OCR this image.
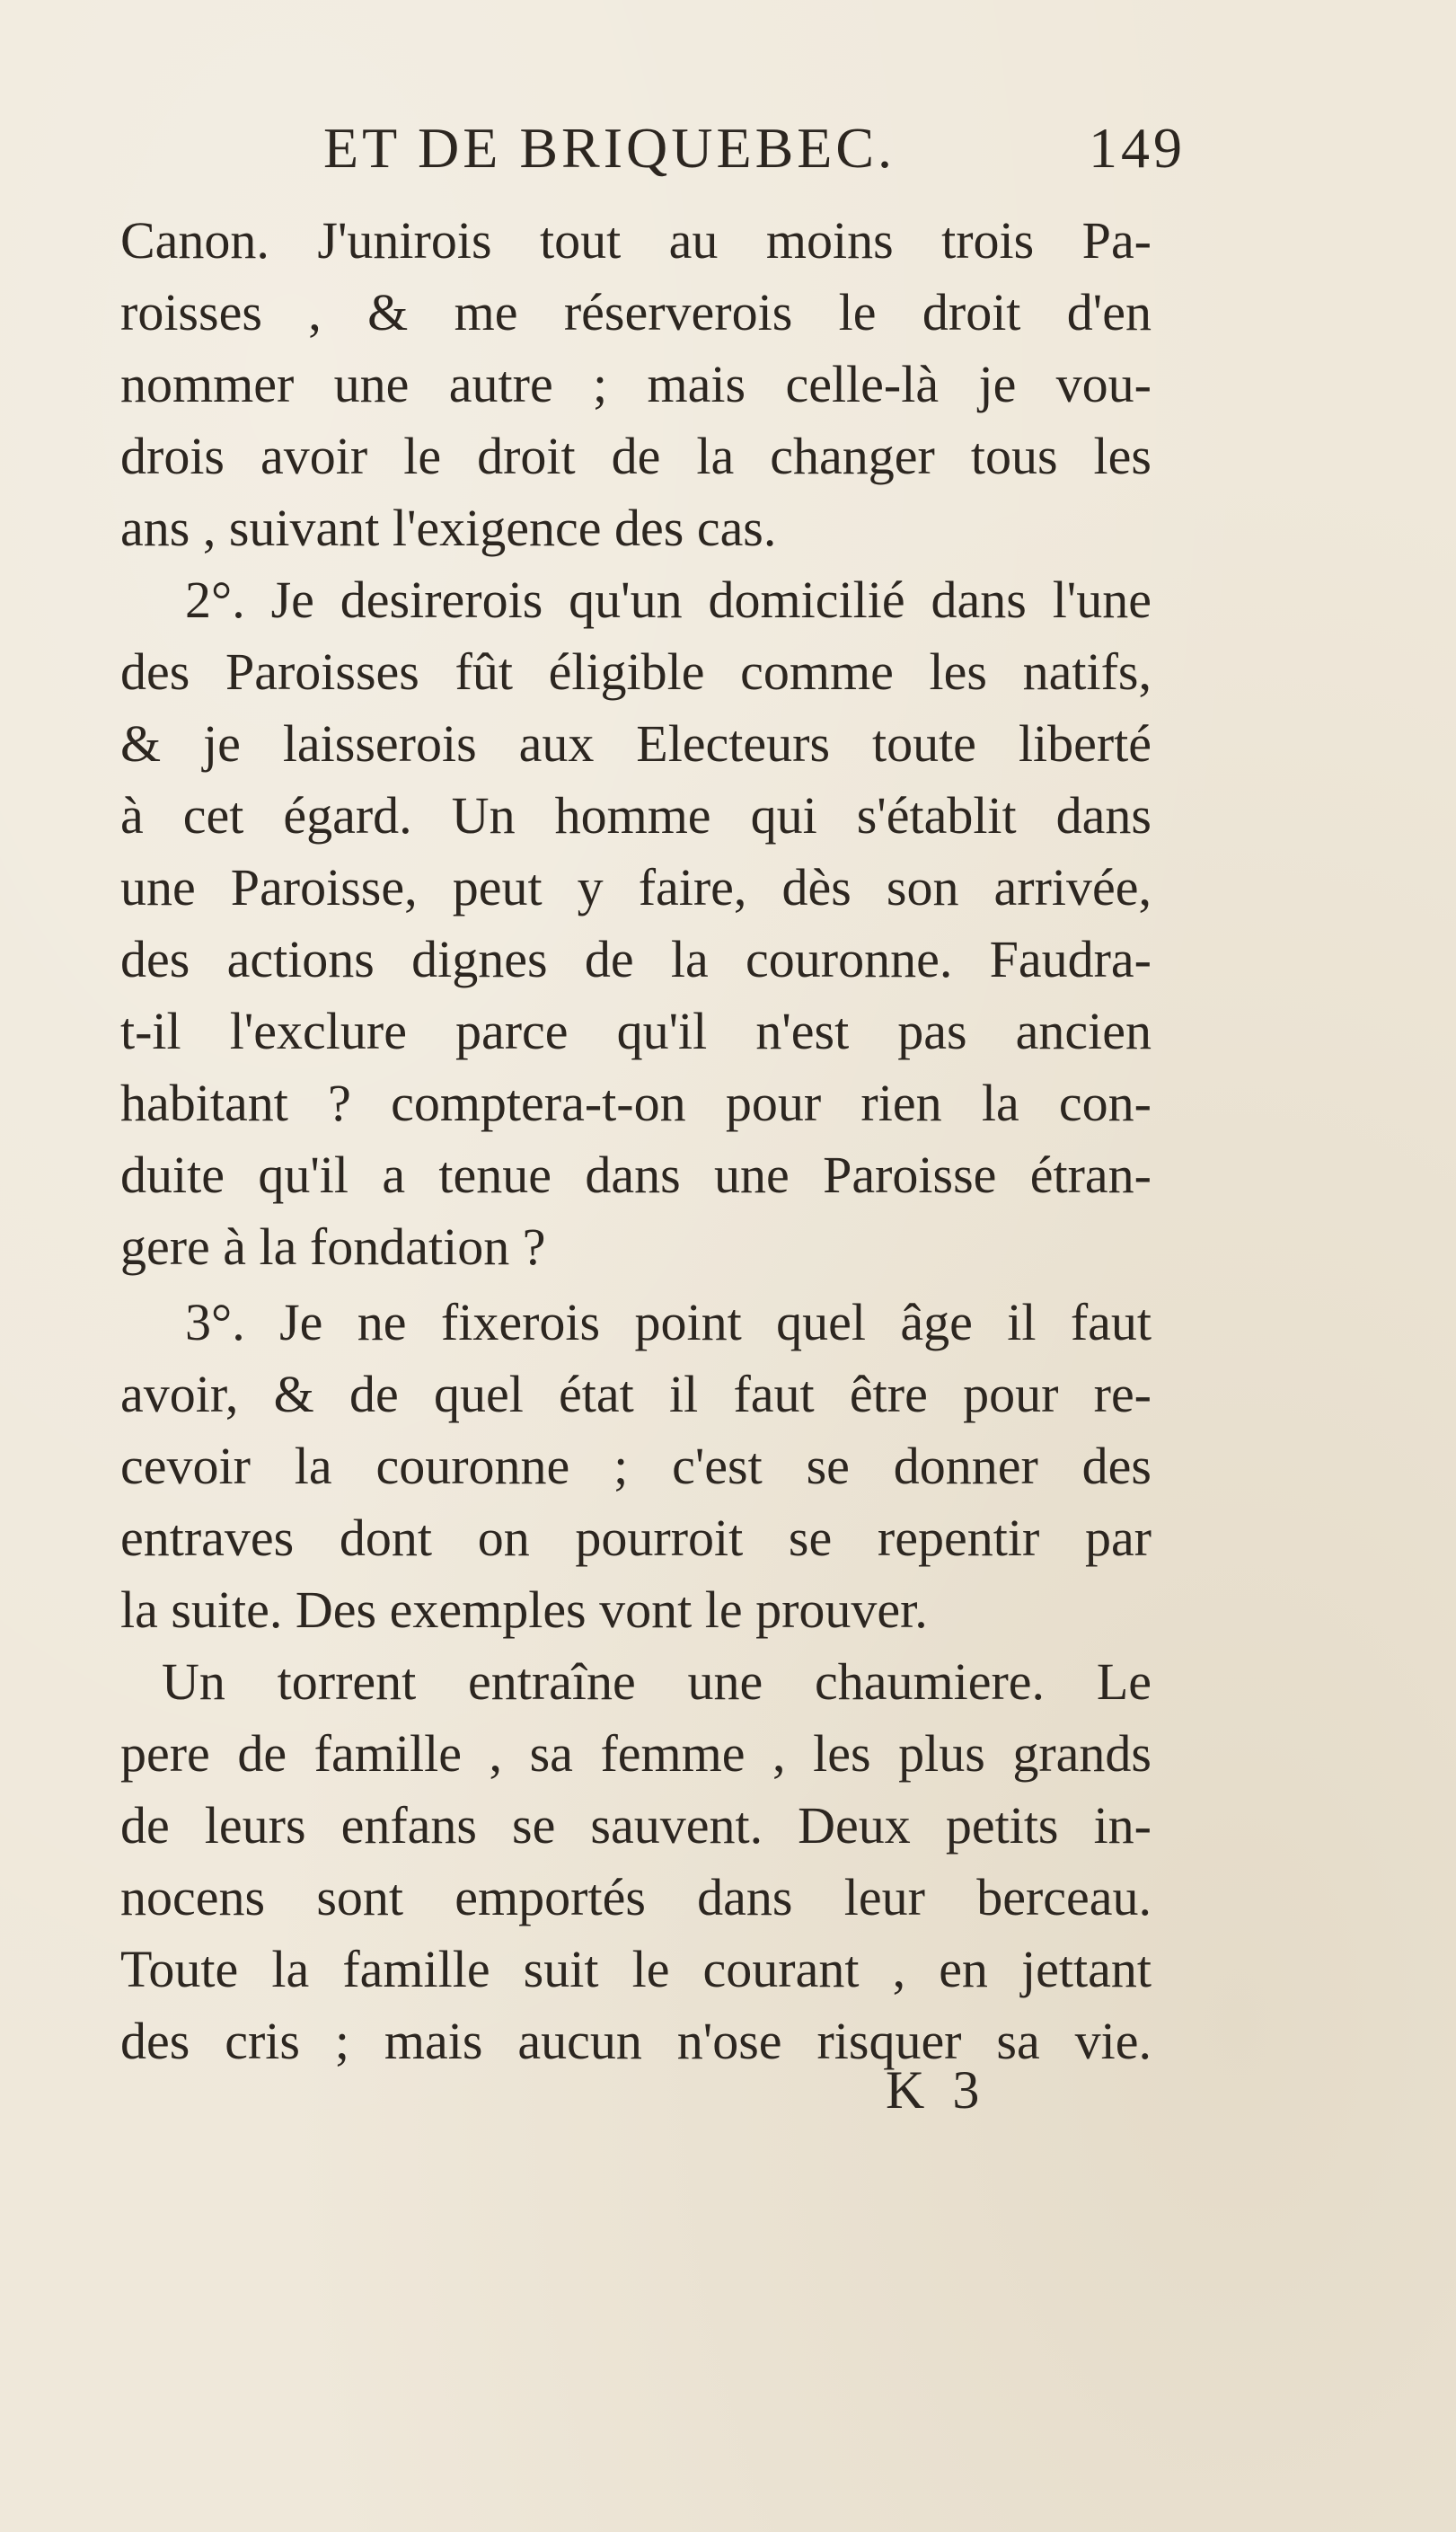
ET DE BRIQUEBEC.	149
Canon. J'unirois tout au moins trois Pa-
roisses , & me réserverois le droit d'en
nommer une autre ; mais celle-là je vou-
drois avoir le droit de la changer tous les
ans , suivant l'exigence des cas.
2°. Je desirerois qu'un domicilié dans l'une
des Paroisses fût éligible comme les natifs,
& je laisserois aux Electeurs toute liberté
à cet égard. Un homme qui s'établit dans
une Paroisse, peut y faire, dès son arrivée,
des actions dignes de la couronne. Faudra-
t-il l'exclure parce qu'il n'est pas ancien
habitant ? comptera-t-on pour rien la con-
duite qu'il a tenue dans une Paroisse étran-
gere à la fondation ?
3°. Je ne fixerois point quel âge il faut
avoir, & de quel état il faut être pour re-
cevoir la couronne ; c'est se donner des
entraves dont on pourroit se repentir par
la suite. Des exemples vont le prouver.
Un torrent entraîne une chaumiere. Le
pere de famille , sa femme , les plus grands
de leurs enfans se sauvent. Deux petits in-
nocens sont emportés dans leur berceau.
Toute la famille suit le courant , en jettant
des cris ; mais aucun n'ose risquer sa vie.
K 3
